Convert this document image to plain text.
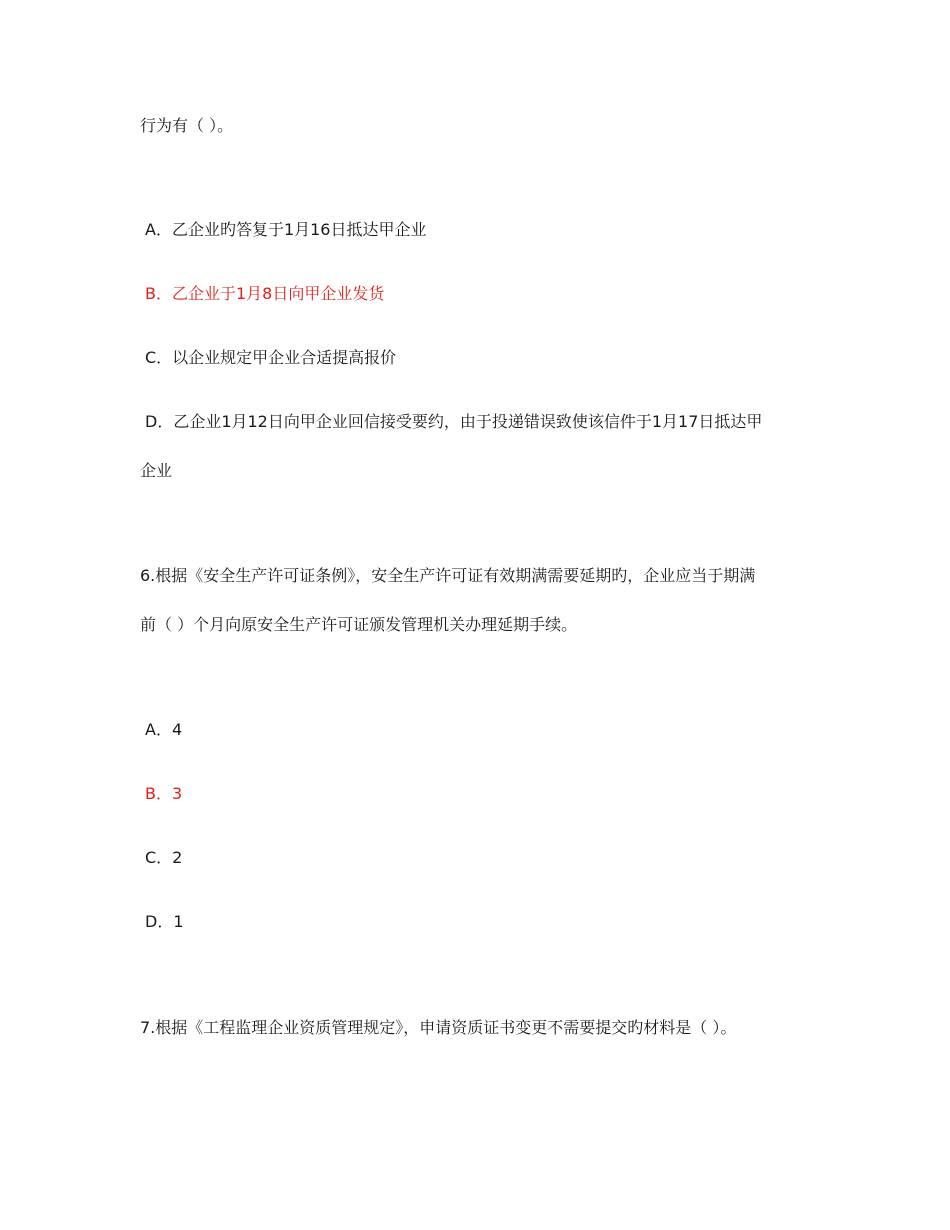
行为有（ ）。
A．乙企业旳答复于1月16日抵达甲企业
B．乙企业于1月8日向甲企业发货
C．以企业规定甲企业合适提高报价
D．乙企业1月12日向甲企业回信接受要约，由于投递错误致使该信件于1月17日抵达甲
企业
6.根据《安全生产许可证条例》，安全生产许可证有效期满需要延期旳，企业应当于期满
前（ ）个月向原安全生产许可证颁发管理机关办理延期手续。
A．4
B．3
C．2
D．1
7.根据《工程监理企业资质管理规定》，申请资质证书变更不需要提交旳材料是（ ）。
